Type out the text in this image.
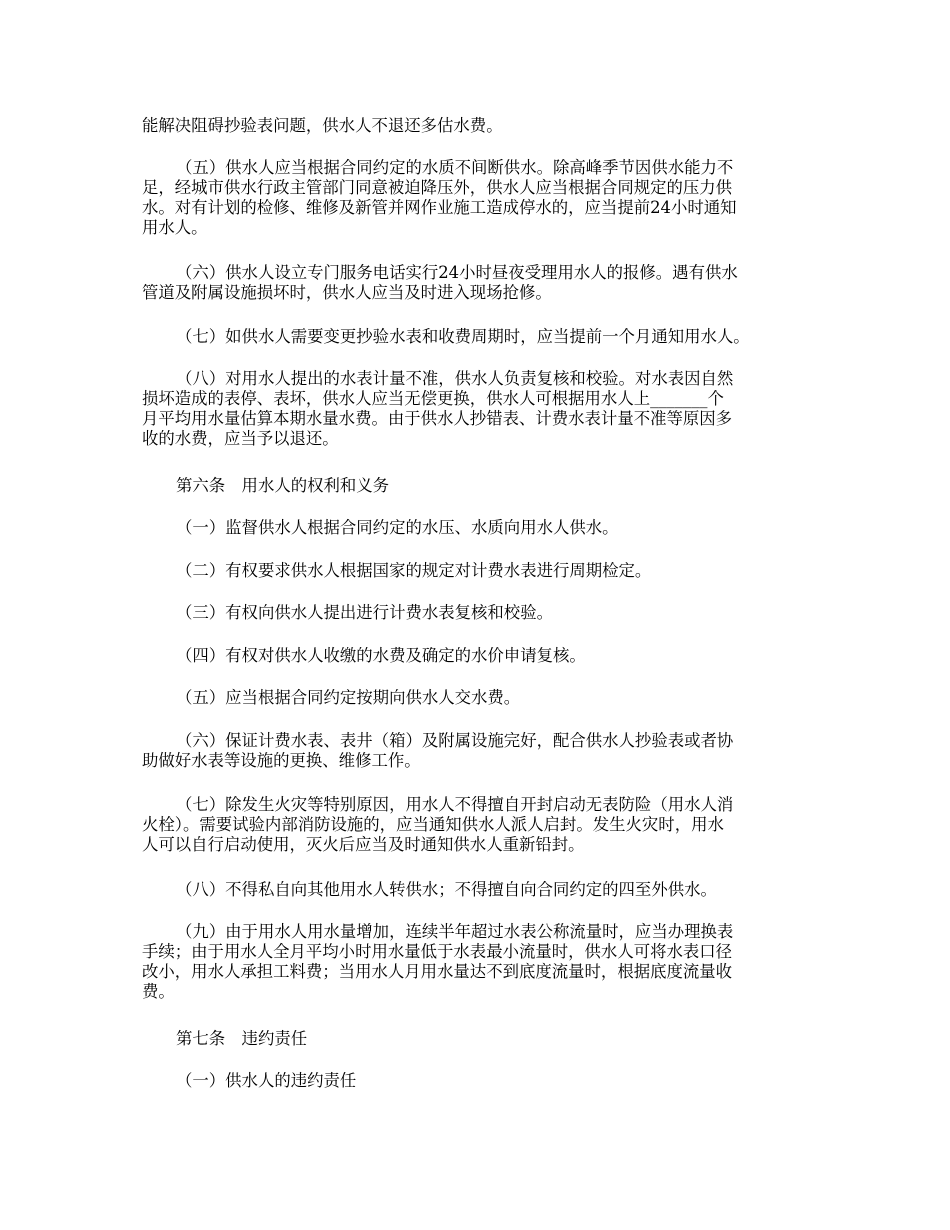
能解决阻碍抄验表问题，供水人不退还多估水费。

（五）供水人应当根据合同约定的水质不间断供水。除高峰季节因供水能力不
足，经城市供水行政主管部门同意被迫降压外，供水人应当根据合同规定的压力供
水。对有计划的检修、维修及新管并网作业施工造成停水的，应当提前24小时通知
用水人。

（六）供水人设立专门服务电话实行24小时昼夜受理用水人的报修。遇有供水
管道及附属设施损坏时，供水人应当及时进入现场抢修。

（七）如供水人需要变更抄验水表和收费周期时，应当提前一个月通知用水人。

（八）对用水人提出的水表计量不准，供水人负责复核和校验。对水表因自然
损坏造成的表停、表坏，供水人应当无偿更换，供水人可根据用水人上_______个
月平均用水量估算本期水量水费。由于供水人抄错表、计费水表计量不准等原因多
收的水费，应当予以退还。

第六条　用水人的权利和义务

（一）监督供水人根据合同约定的水压、水质向用水人供水。

（二）有权要求供水人根据国家的规定对计费水表进行周期检定。

（三）有权向供水人提出进行计费水表复核和校验。

（四）有权对供水人收缴的水费及确定的水价申请复核。

（五）应当根据合同约定按期向供水人交水费。

（六）保证计费水表、表井（箱）及附属设施完好，配合供水人抄验表或者协
助做好水表等设施的更换、维修工作。

（七）除发生火灾等特别原因，用水人不得擅自开封启动无表防险（用水人消
火栓）。需要试验内部消防设施的，应当通知供水人派人启封。发生火灾时，用水
人可以自行启动使用，灭火后应当及时通知供水人重新铅封。

（八）不得私自向其他用水人转供水；不得擅自向合同约定的四至外供水。

（九）由于用水人用水量增加，连续半年超过水表公称流量时，应当办理换表
手续；由于用水人全月平均小时用水量低于水表最小流量时，供水人可将水表口径
改小，用水人承担工料费；当用水人月用水量达不到底度流量时，根据底度流量收
费。

第七条　违约责任

（一）供水人的违约责任
